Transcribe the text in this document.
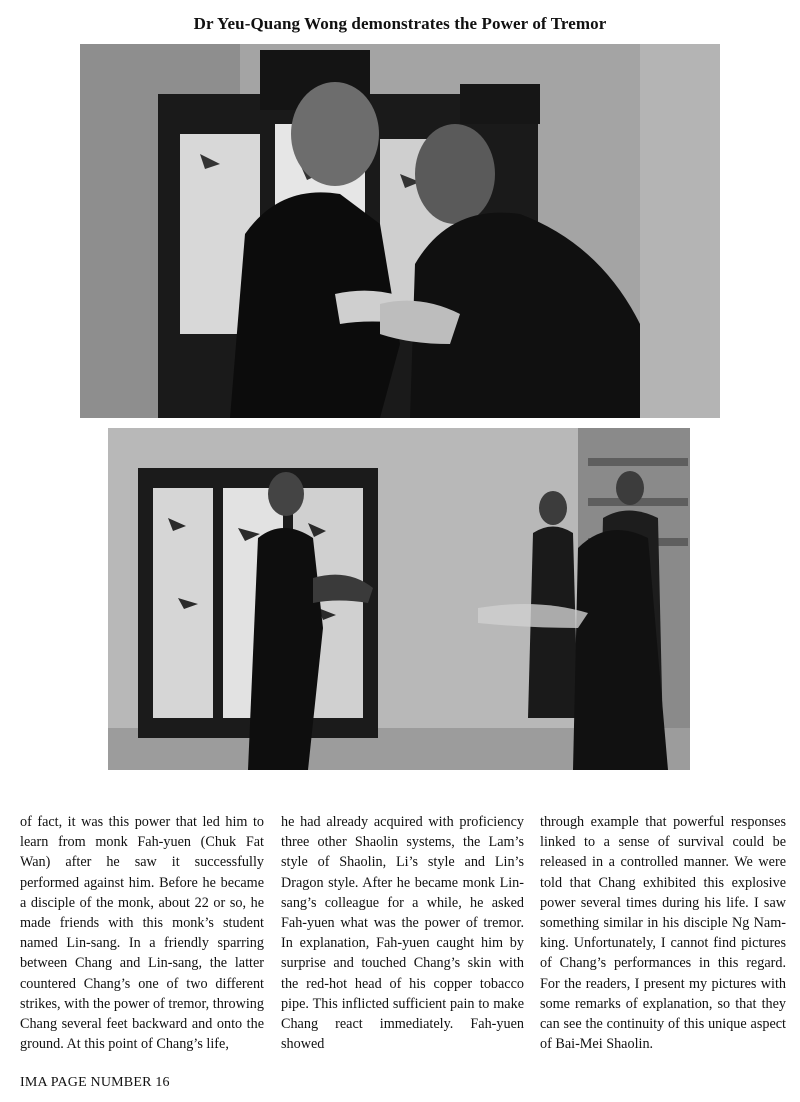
Dr Yeu-Quang Wong demonstrates the Power of Tremor
of fact, it was this power that led him to learn from monk Fah-yuen (Chuk Fat Wan) after he saw it successfully performed against him. Before he became a disciple of the monk, about 22 or so, he made friends with this monk’s student named Lin-sang. In a friendly sparring between Chang and Lin-sang, the latter countered Chang’s one of two different strikes, with the power of tremor, throwing Chang several feet backward and onto the ground. At this point of Chang’s life,
he had already acquired with proficiency three other Shaolin systems, the Lam’s style of Shaolin, Li’s style and Lin’s Dragon style. After he became monk Lin-sang’s colleague for a while, he asked Fah-yuen what was the power of tremor. In explanation, Fah-yuen caught him by surprise and touched Chang’s skin with the red-hot head of his copper tobacco pipe. This inflicted sufficient pain to make Chang react immediately. Fah-yuen showed
through example that powerful responses linked to a sense of survival could be released in a controlled manner. We were told that Chang exhibited this explosive power several times during his life. I saw something similar in his disciple Ng Nam-king. Unfortunately, I cannot find pictures of Chang’s performances in this regard. For the readers, I present my pictures with some remarks of explanation, so that they can see the continuity of this unique aspect of Bai-Mei Shaolin.
IMA PAGE NUMBER 16
